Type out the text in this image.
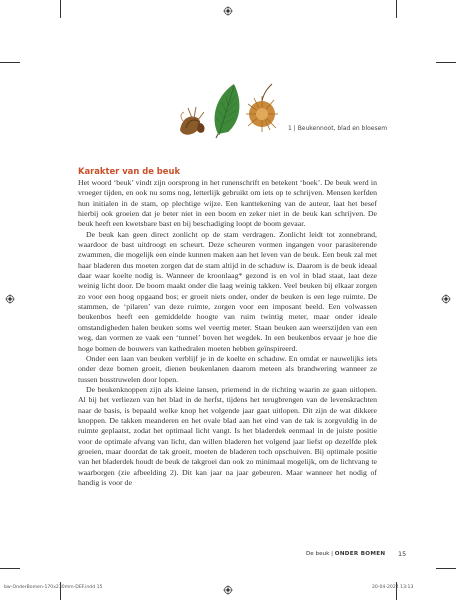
1 | Beukennoot, blad en bloesem
Karakter van de beuk

Het woord ‘beuk’ vindt zijn oorsprong in het runenschrift en betekent ‘boek’. De beuk werd in vroeger tijden, en ook nu soms nog, letterlijk gebruikt om iets op te schrijven. Mensen kerfden hun initialen in de stam, op plechtige wijze. Een kanttekening van de auteur, laat het besef hierbij ook groeien dat je beter niet in een boom en zeker niet in de beuk kan schrijven. De beuk heeft een kwetsbare bast en bij beschadiging loopt de boom gevaar.

De beuk kan geen direct zonlicht op de stam verdragen. Zonlicht leidt tot zonnebrand, waardoor de bast uitdroogt en scheurt. Deze scheuren vormen ingangen voor parasiterende zwammen, die mogelijk een einde kunnen maken aan het leven van de beuk. Een beuk zal met haar bladeren dus moeten zorgen dat de stam altijd in de schaduw is. Daarom is de beuk ideaal daar waar koelte nodig is. Wanneer de kroonlaag* gezond is en vol in blad staat, laat deze weinig licht door. De boom maakt onder die laag weinig takken. Veel beuken bij elkaar zorgen zo voor een hoog opgaand bos; er groeit niets onder, onder de beuken is een lege ruimte. De stammen, de ‘pilaren’ van deze ruimte, zorgen voor een imposant beeld. Een volwassen beukenbos heeft een gemiddelde hoogte van ruim twintig meter, maar onder ideale omstandigheden halen beuken soms wel veertig meter. Staan beuken aan weerszijden van een weg, dan vormen ze vaak een ‘tunnel’ boven het wegdek. In een beukenbos ervaar je hoe die hoge bomen de bouwers van kathedralen moeten hebben geïnspireerd.

Onder een laan van beuken verblijf je in de koelte en schaduw. En omdat er nauwelijks iets onder deze bomen groeit, dienen beukenlanen daarom meteen als brandwering wanneer ze tussen bosstruwelen door lopen.

De beukenknoppen zijn als kleine lansen, priemend in de richting waarin ze gaan uitlopen. Al bij het verliezen van het blad in de herfst, tijdens het terugbrengen van de levenskrachten naar de basis, is bepaald welke knop het volgende jaar gaat uitlopen. Dit zijn de wat dikkere knoppen. De takken meanderen en het ovale blad aan het eind van de tak is zorgvuldig in de ruimte geplaatst, zodat het optimaal licht vangt. Is het bladerdek eenmaal in de juiste positie voor de optimale afvang van licht, dan willen bladeren het volgend jaar liefst op dezelfde plek groeien, maar doordat de tak groeit, moeten de bladeren toch opschuiven. Bij optimale positie van het bladerdek houdt de beuk de takgroei dan ook zo minimaal mogelijk, om de lichtvang te waarborgen (zie afbeelding 2). Dit kan jaar na jaar gebeuren. Maar wanneer het nodig of handig is voor de

De beuk | ONDER BOMEN 15
bw-OnderBomen-170x230mm-DEF.indd 15	20-04-2024 13:13
